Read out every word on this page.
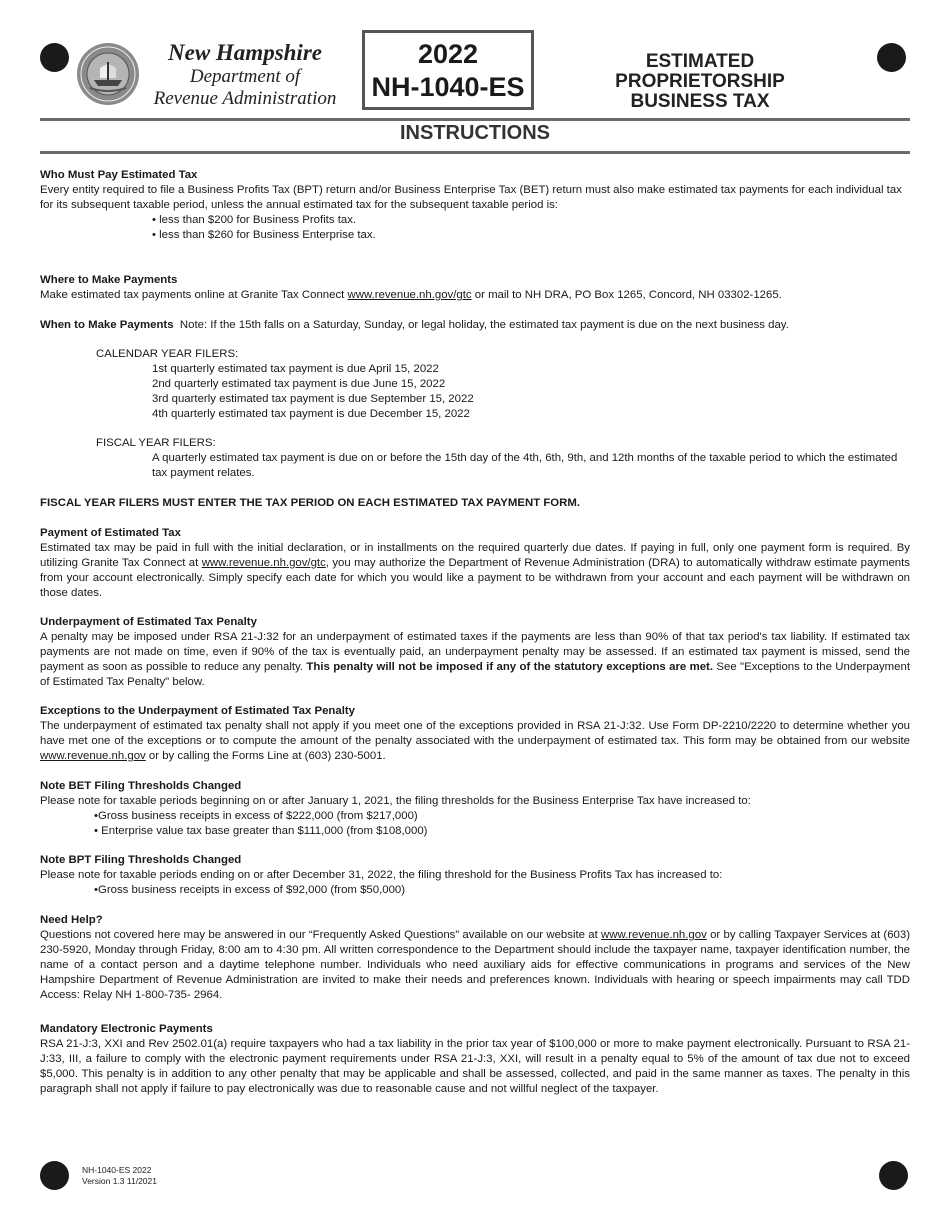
New Hampshire
Department of
Revenue Administration
2022
NH-1040-ES
ESTIMATED
PROPRIETORSHIP
BUSINESS TAX
INSTRUCTIONS
Who Must Pay Estimated Tax
Every entity required to file a Business Profits Tax (BPT) return and/or Business Enterprise Tax (BET) return must also make estimated tax payments for each individual tax for its subsequent taxable period, unless the annual estimated tax for the subsequent taxable period is:
• less than $200 for Business Profits tax.
• less than $260 for Business Enterprise tax.
Where to Make Payments
Make estimated tax payments online at Granite Tax Connect www.revenue.nh.gov/gtc or mail to NH DRA, PO Box 1265, Concord, NH 03302-1265.
When to Make Payments Note: If the 15th falls on a Saturday, Sunday, or legal holiday, the estimated tax payment is due on the next business day.
CALENDAR YEAR FILERS:
1st quarterly estimated tax payment is due April 15, 2022
2nd quarterly estimated tax payment is due June 15, 2022
3rd quarterly estimated tax payment is due September 15, 2022
4th quarterly estimated tax payment is due December 15, 2022
FISCAL YEAR FILERS:
A quarterly estimated tax payment is due on or before the 15th day of the 4th, 6th, 9th, and 12th months of the taxable period to which the estimated tax payment relates.
FISCAL YEAR FILERS MUST ENTER THE TAX PERIOD ON EACH ESTIMATED TAX PAYMENT FORM.
Payment of Estimated Tax
Estimated tax may be paid in full with the initial declaration, or in installments on the required quarterly due dates. If paying in full, only one payment form is required. By utilizing Granite Tax Connect at www.revenue.nh.gov/gtc, you may authorize the Department of Revenue Administration (DRA) to automatically withdraw estimate payments from your account electronically. Simply specify each date for which you would like a payment to be withdrawn from your account and each payment will be withdrawn on those dates.
Underpayment of Estimated Tax Penalty
A penalty may be imposed under RSA 21-J:32 for an underpayment of estimated taxes if the payments are less than 90% of that tax period's tax liability. If estimated tax payments are not made on time, even if 90% of the tax is eventually paid, an underpayment penalty may be assessed. If an estimated tax payment is missed, send the payment as soon as possible to reduce any penalty. This penalty will not be imposed if any of the statutory exceptions are met. See "Exceptions to the Underpayment of Estimated Tax Penalty" below.
Exceptions to the Underpayment of Estimated Tax Penalty
The underpayment of estimated tax penalty shall not apply if you meet one of the exceptions provided in RSA 21-J:32. Use Form DP-2210/2220 to determine whether you have met one of the exceptions or to compute the amount of the penalty associated with the underpayment of estimated tax. This form may be obtained from our website www.revenue.nh.gov or by calling the Forms Line at (603) 230-5001.
Note BET Filing Thresholds Changed
Please note for taxable periods beginning on or after January 1, 2021, the filing thresholds for the Business Enterprise Tax have increased to:
•Gross business receipts in excess of $222,000 (from $217,000)
• Enterprise value tax base greater than $111,000 (from $108,000)
Note BPT Filing Thresholds Changed
Please note for taxable periods ending on or after December 31, 2022, the filing threshold for the Business Profits Tax has increased to:
•Gross business receipts in excess of $92,000 (from $50,000)
Need Help?
Questions not covered here may be answered in our “Frequently Asked Questions” available on our website at www.revenue.nh.gov or by calling Taxpayer Services at (603) 230-5920, Monday through Friday, 8:00 am to 4:30 pm. All written correspondence to the Department should include the taxpayer name, taxpayer identification number, the name of a contact person and a daytime telephone number. Individuals who need auxiliary aids for effective communications in programs and services of the New Hampshire Department of Revenue Administration are invited to make their needs and preferences known. Individuals with hearing or speech impairments may call TDD Access: Relay NH 1-800-735- 2964.
Mandatory Electronic Payments
RSA 21-J:3, XXI and Rev 2502.01(a) require taxpayers who had a tax liability in the prior tax year of $100,000 or more to make payment electronically. Pursuant to RSA 21-J:33, III, a failure to comply with the electronic payment requirements under RSA 21-J:3, XXI, will result in a penalty equal to 5% of the amount of tax due not to exceed $5,000. This penalty is in addition to any other penalty that may be applicable and shall be assessed, collected, and paid in the same manner as taxes. The penalty in this paragraph shall not apply if failure to pay electronically was due to reasonable cause and not willful neglect of the taxpayer.
NH-1040-ES 2022
Version 1.3 11/2021
